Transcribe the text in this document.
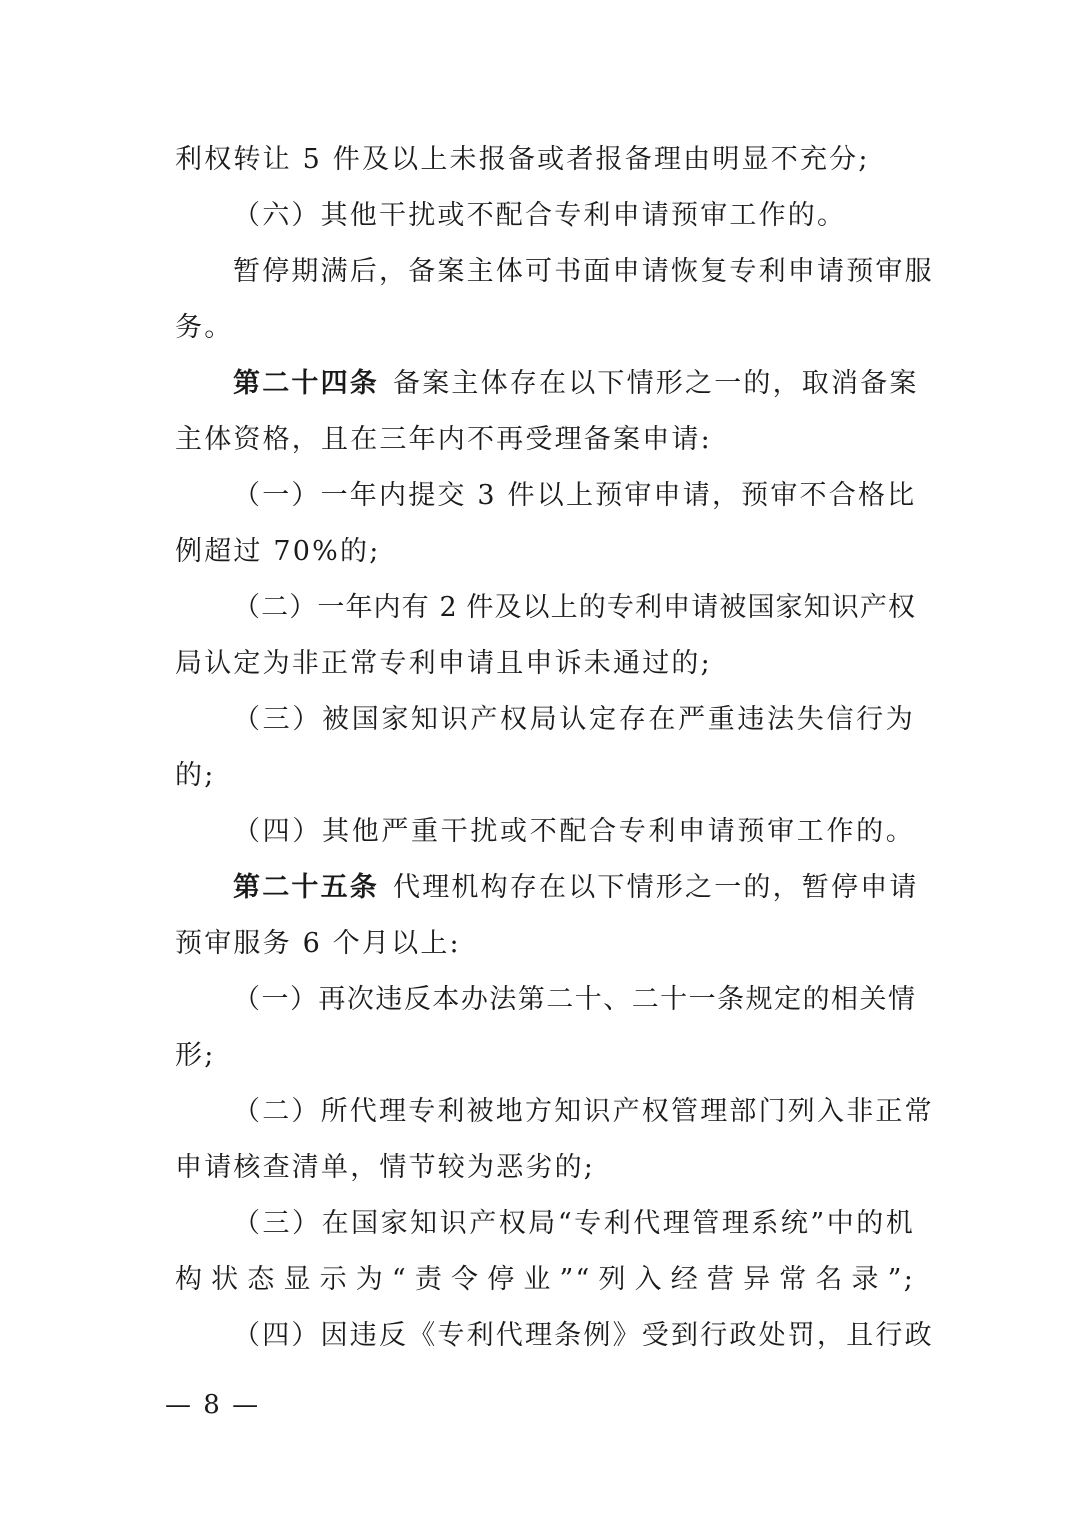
利权转让 5 件及以上未报备或者报备理由明显不充分;
（六）其他干扰或不配合专利申请预审工作的。
暂停期满后，备案主体可书面申请恢复专利申请预审服
务。
第二十四条 备案主体存在以下情形之一的，取消备案
主体资格，且在三年内不再受理备案申请:
（一）一年内提交 3 件以上预审申请，预审不合格比
例超过 70%的;
（二）一年内有 2 件及以上的专利申请被国家知识产权
局认定为非正常专利申请且申诉未通过的;
（三）被国家知识产权局认定存在严重违法失信行为
的;
（四）其他严重干扰或不配合专利申请预审工作的。
第二十五条 代理机构存在以下情形之一的，暂停申请
预审服务 6 个月以上:
（一）再次违反本办法第二十、二十一条规定的相关情
形;
（二）所代理专利被地方知识产权管理部门列入非正常
申请核查清单，情节较为恶劣的;
（三）在国家知识产权局“专利代理管理系统”中的机
构状态显示为“责令停业”“列入经营异常名录”;
（四）因违反《专利代理条例》受到行政处罚，且行政
— 8 —
